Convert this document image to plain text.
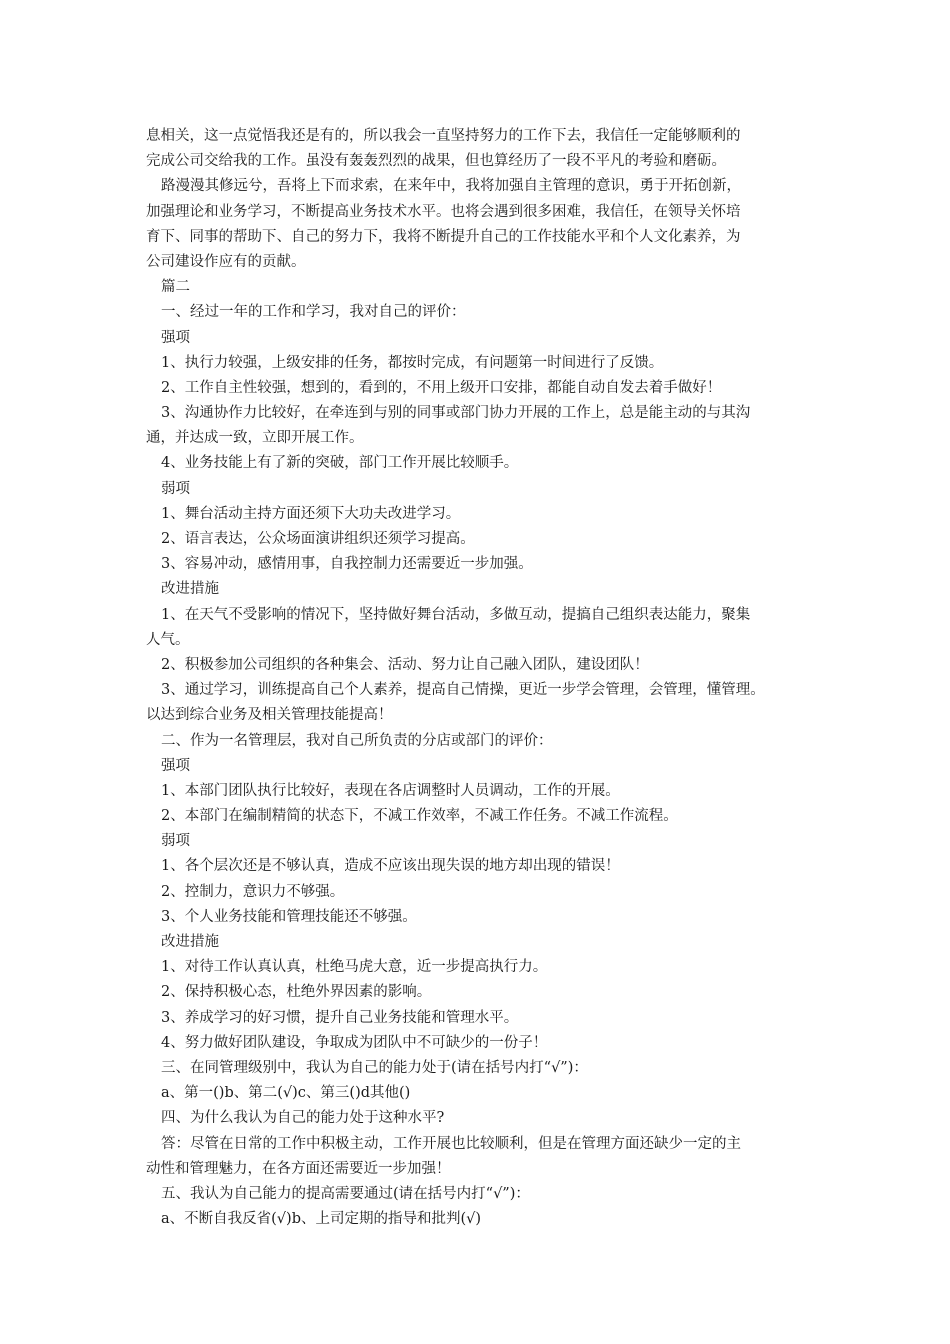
息相关，这一点觉悟我还是有的，所以我会一直坚持努力的工作下去，我信任一定能够顺利的
完成公司交给我的工作。虽没有轰轰烈烈的战果，但也算经历了一段不平凡的考验和磨砺。
路漫漫其修远兮，吾将上下而求索，在来年中，我将加强自主管理的意识，勇于开拓创新，
加强理论和业务学习，不断提高业务技术水平。也将会遇到很多困难，我信任，在领导关怀培
育下、同事的帮助下、自己的努力下，我将不断提升自己的工作技能水平和个人文化素养，为
公司建设作应有的贡献。
篇二
一、经过一年的工作和学习，我对自己的评价：
强项
1、执行力较强，上级安排的任务，都按时完成，有问题第一时间进行了反馈。
2、工作自主性较强，想到的，看到的，不用上级开口安排，都能自动自发去着手做好！
3、沟通协作力比较好，在牵连到与别的同事或部门协力开展的工作上，总是能主动的与其沟
通，并达成一致，立即开展工作。
4、业务技能上有了新的突破，部门工作开展比较顺手。
弱项
1、舞台活动主持方面还须下大功夫改进学习。
2、语言表达，公众场面演讲组织还须学习提高。
3、容易冲动，感情用事，自我控制力还需要近一步加强。
改进措施
1、在天气不受影响的情况下，坚持做好舞台活动，多做互动，提搞自己组织表达能力，聚集
人气。
2、积极参加公司组织的各种集会、活动、努力让自己融入团队，建设团队！
3、通过学习，训练提高自己个人素养，提高自己情操，更近一步学会管理，会管理，懂管理。
以达到综合业务及相关管理技能提高！
二、作为一名管理层，我对自己所负责的分店或部门的评价：
强项
1、本部门团队执行比较好，表现在各店调整时人员调动，工作的开展。
2、本部门在编制精简的状态下，不减工作效率，不减工作任务。不减工作流程。
弱项
1、各个层次还是不够认真，造成不应该出现失误的地方却出现的错误！
2、控制力，意识力不够强。
3、个人业务技能和管理技能还不够强。
改进措施
1、对待工作认真认真，杜绝马虎大意，近一步提高执行力。
2、保持积极心态，杜绝外界因素的影响。
3、养成学习的好习惯，提升自己业务技能和管理水平。
4、努力做好团队建设，争取成为团队中不可缺少的一份子！
三、在同管理级别中，我认为自己的能力处于(请在括号内打“√”)：
a、第一()b、第二(√)c、第三()d其他()
四、为什么我认为自己的能力处于这种水平?
答：尽管在日常的工作中积极主动，工作开展也比较顺利，但是在管理方面还缺少一定的主
动性和管理魅力，在各方面还需要近一步加强！
五、我认为自己能力的提高需要通过(请在括号内打“√”)：
a、不断自我反省(√)b、上司定期的指导和批判(√)
